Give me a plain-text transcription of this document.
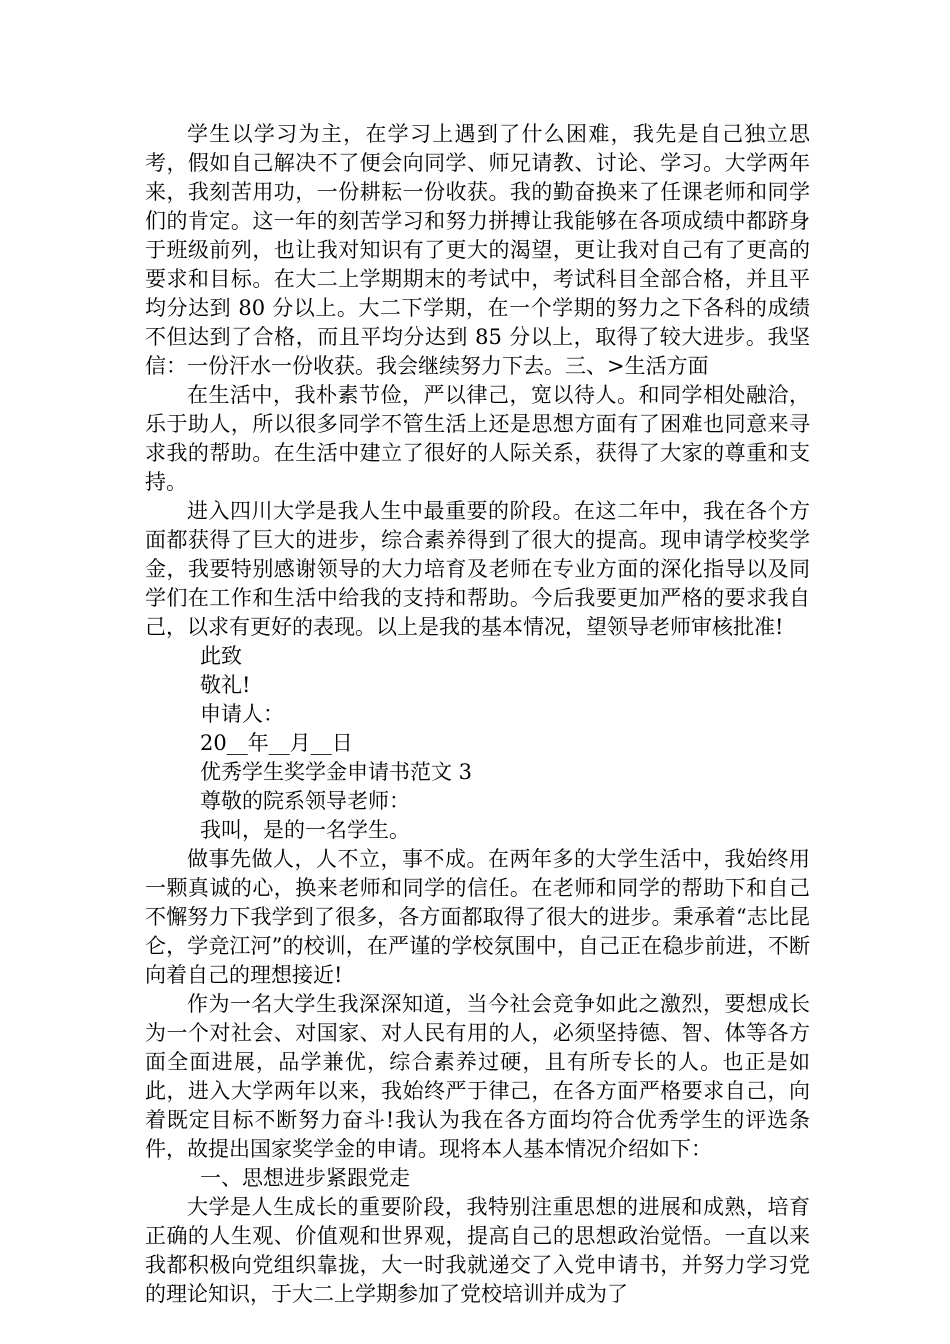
学生以学习为主，在学习上遇到了什么困难，我先是自己独立思考，假如自己解决不了便会向同学、师兄请教、讨论、学习。大学两年来，我刻苦用功，一份耕耘一份收获。我的勤奋换来了任课老师和同学们的肯定。这一年的刻苦学习和努力拼搏让我能够在各项成绩中都跻身于班级前列，也让我对知识有了更大的渴望，更让我对自己有了更高的要求和目标。在大二上学期期末的考试中，考试科目全部合格，并且平均分达到 80 分以上。大二下学期，在一个学期的努力之下各科的成绩不但达到了合格，而且平均分达到 85 分以上，取得了较大进步。我坚信：一份汗水一份收获。我会继续努力下去。三、>生活方面

在生活中，我朴素节俭，严以律己，宽以待人。和同学相处融洽，乐于助人，所以很多同学不管生活上还是思想方面有了困难也同意来寻求我的帮助。在生活中建立了很好的人际关系，获得了大家的尊重和支持。

进入四川大学是我人生中最重要的阶段。在这二年中，我在各个方面都获得了巨大的进步，综合素养得到了很大的提高。现申请学校奖学金，我要特别感谢领导的大力培育及老师在专业方面的深化指导以及同学们在工作和生活中给我的支持和帮助。今后我要更加严格的要求我自己，以求有更好的表现。以上是我的基本情况，望领导老师审核批准!

此致

敬礼!

申请人：

20__年__月__日

优秀学生奖学金申请书范文 3

尊敬的院系领导老师：

我叫，是的一名学生。

做事先做人，人不立，事不成。在两年多的大学生活中，我始终用一颗真诚的心，换来老师和同学的信任。在老师和同学的帮助下和自己不懈努力下我学到了很多，各方面都取得了很大的进步。秉承着“志比昆仑，学竞江河”的校训，在严谨的学校氛围中，自己正在稳步前进，不断向着自己的理想接近!

作为一名大学生我深深知道，当今社会竞争如此之激烈，要想成长为一个对社会、对国家、对人民有用的人，必须坚持德、智、体等各方面全面进展，品学兼优，综合素养过硬，且有所专长的人。也正是如此，进入大学两年以来，我始终严于律己，在各方面严格要求自己，向着既定目标不断努力奋斗!我认为我在各方面均符合优秀学生的评选条件，故提出国家奖学金的申请。现将本人基本情况介绍如下：

一、思想进步紧跟党走

大学是人生成长的重要阶段，我特别注重思想的进展和成熟，培育正确的人生观、价值观和世界观，提高自己的思想政治觉悟。一直以来我都积极向党组织靠拢，大一时我就递交了入党申请书，并努力学习党的理论知识，于大二上学期参加了党校培训并成为了
